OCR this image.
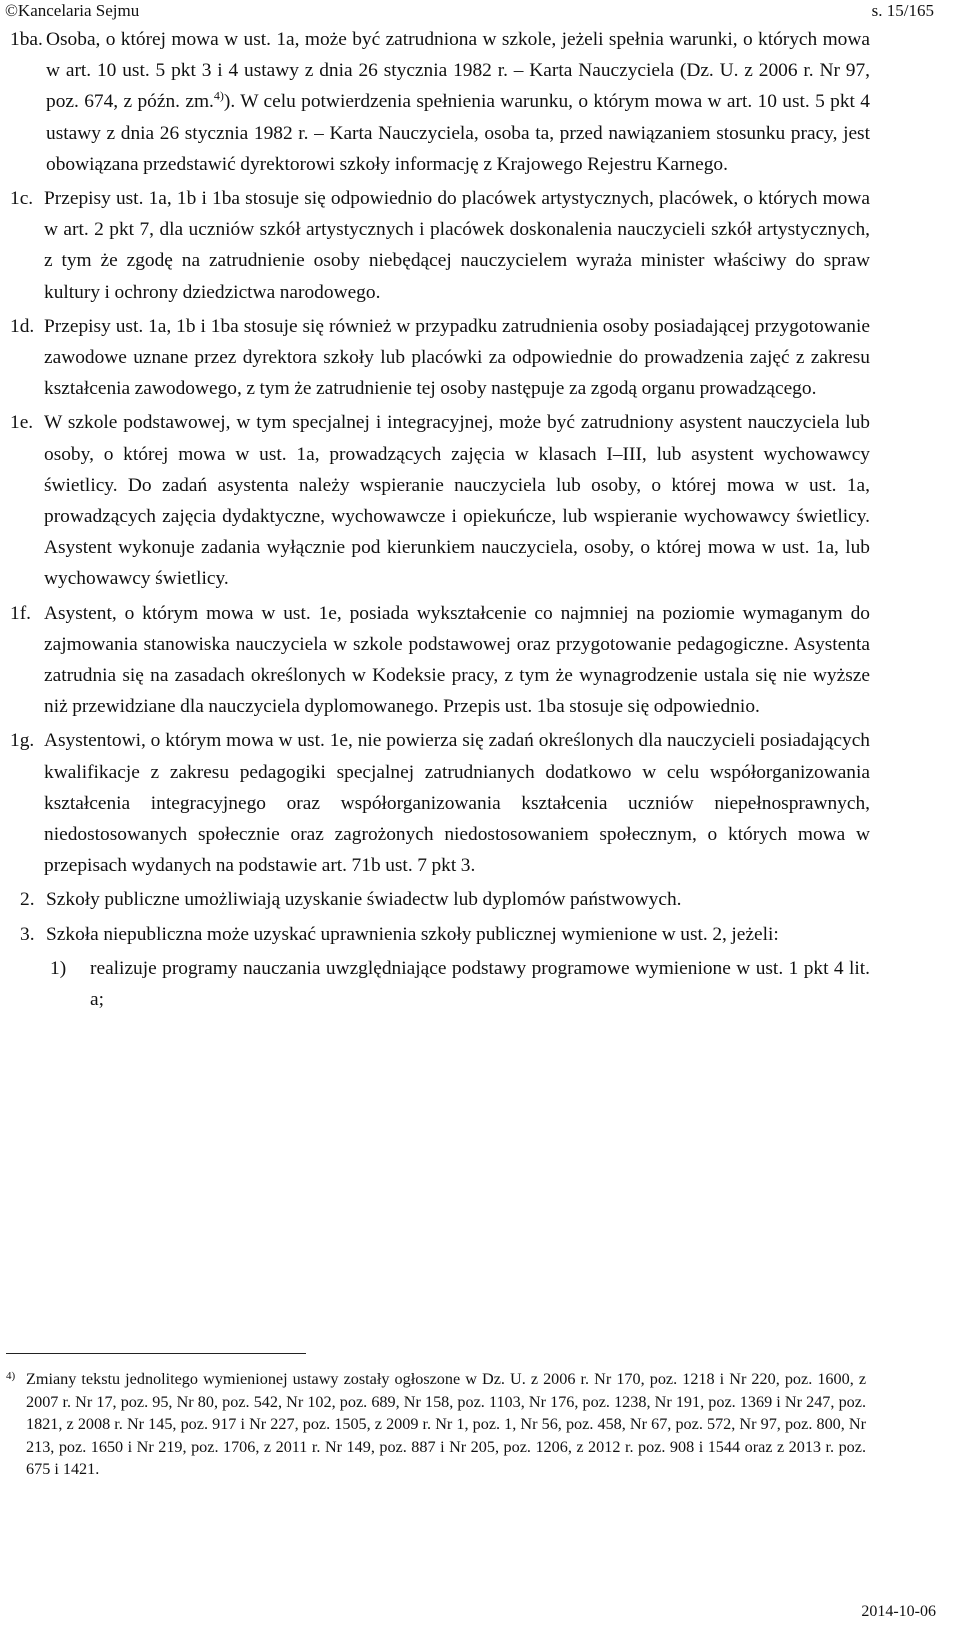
©Kancelaria Sejmu	s. 15/165
1ba. Osoba, o której mowa w ust. 1a, może być zatrudniona w szkole, jeżeli spełnia warunki, o których mowa w art. 10 ust. 5 pkt 3 i 4 ustawy z dnia 26 stycznia 1982 r. – Karta Nauczyciela (Dz. U. z 2006 r. Nr 97, poz. 674, z późn. zm.$^{4)}$). W celu potwierdzenia spełnienia warunku, o którym mowa w art. 10 ust. 5 pkt 4 ustawy z dnia 26 stycznia 1982 r. – Karta Nauczyciela, osoba ta, przed nawiązaniem stosunku pracy, jest obowiązana przedstawić dyrektorowi szkoły informację z Krajowego Rejestru Karnego.
1c. Przepisy ust. 1a, 1b i 1ba stosuje się odpowiednio do placówek artystycznych, placówek, o których mowa w art. 2 pkt 7, dla uczniów szkół artystycznych i placówek doskonalenia nauczycieli szkół artystycznych, z tym że zgodę na zatrudnienie osoby niebędącej nauczycielem wyraża minister właściwy do spraw kultury i ochrony dziedzictwa narodowego.
1d. Przepisy ust. 1a, 1b i 1ba stosuje się również w przypadku zatrudnienia osoby posiadającej przygotowanie zawodowe uznane przez dyrektora szkoły lub placówki za odpowiednie do prowadzenia zajęć z zakresu kształcenia zawodowego, z tym że zatrudnienie tej osoby następuje za zgodą organu prowadzącego.
1e. W szkole podstawowej, w tym specjalnej i integracyjnej, może być zatrudniony asystent nauczyciela lub osoby, o której mowa w ust. 1a, prowadzących zajęcia w klasach I–III, lub asystent wychowawcy świetlicy. Do zadań asystenta należy wspieranie nauczyciela lub osoby, o której mowa w ust. 1a, prowadzących zajęcia dydaktyczne, wychowawcze i opiekuńcze, lub wspieranie wychowawcy świetlicy. Asystent wykonuje zadania wyłącznie pod kierunkiem nauczyciela, osoby, o której mowa w ust. 1a, lub wychowawcy świetlicy.
1f. Asystent, o którym mowa w ust. 1e, posiada wykształcenie co najmniej na poziomie wymaganym do zajmowania stanowiska nauczyciela w szkole podstawowej oraz przygotowanie pedagogiczne. Asystenta zatrudnia się na zasadach określonych w Kodeksie pracy, z tym że wynagrodzenie ustala się nie wyższe niż przewidziane dla nauczyciela dyplomowanego. Przepis ust. 1ba stosuje się odpowiednio.
1g. Asystentowi, o którym mowa w ust. 1e, nie powierza się zadań określonych dla nauczycieli posiadających kwalifikacje z zakresu pedagogiki specjalnej zatrudnianych dodatkowo w celu współorganizowania kształcenia integracyjnego oraz współorganizowania kształcenia uczniów niepełnosprawnych, niedostosowanych społecznie oraz zagrożonych niedostosowaniem społecznym, o których mowa w przepisach wydanych na podstawie art. 71b ust. 7 pkt 3.
2. Szkoły publiczne umożliwiają uzyskanie świadectw lub dyplomów państwowych.
3. Szkoła niepubliczna może uzyskać uprawnienia szkoły publicznej wymienione w ust. 2, jeżeli:
1)	realizuje programy nauczania uwzględniające podstawy programowe wymienione w ust. 1 pkt 4 lit. a;
4) Zmiany tekstu jednolitego wymienionej ustawy zostały ogłoszone w Dz. U. z 2006 r. Nr 170, poz. 1218 i Nr 220, poz. 1600, z 2007 r. Nr 17, poz. 95, Nr 80, poz. 542, Nr 102, poz. 689, Nr 158, poz. 1103, Nr 176, poz. 1238, Nr 191, poz. 1369 i Nr 247, poz. 1821, z 2008 r. Nr 145, poz. 917 i Nr 227, poz. 1505, z 2009 r. Nr 1, poz. 1, Nr 56, poz. 458, Nr 67, poz. 572, Nr 97, poz. 800, Nr 213, poz. 1650 i Nr 219, poz. 1706, z 2011 r. Nr 149, poz. 887 i Nr 205, poz. 1206, z 2012 r. poz. 908 i 1544 oraz z 2013 r. poz. 675 i 1421.
2014-10-06
